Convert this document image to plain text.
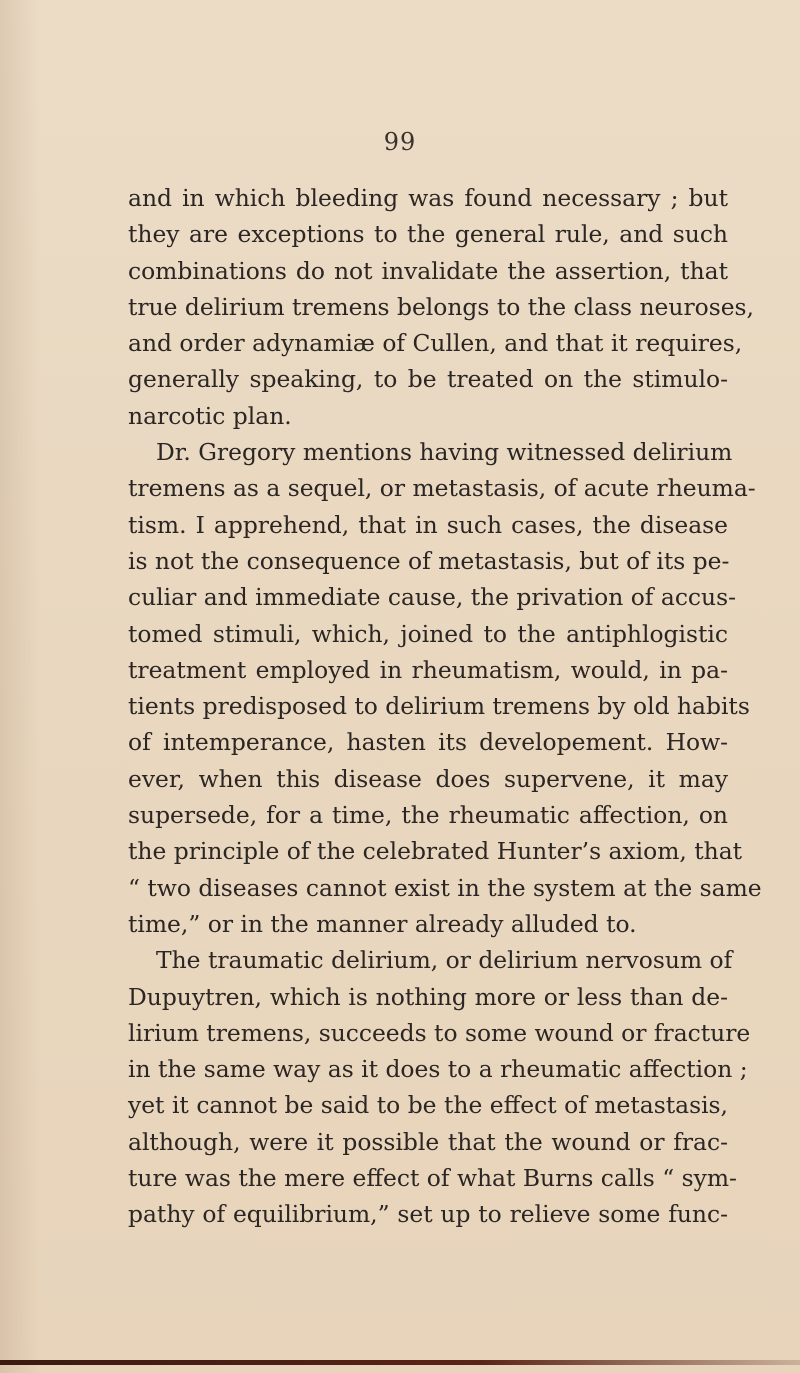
99
and in which bleeding was found necessary ; but
they are exceptions to the general rule, and such
combinations do not invalidate the assertion, that
true delirium tremens belongs to the class neuroses,
and order adynamiæ of Cullen, and that it requires,
generally speaking, to be treated on the stimulo-
narcotic plan.
Dr. Gregory mentions having witnessed delirium
tremens as a sequel, or metastasis, of acute rheuma-
tism. I apprehend, that in such cases, the disease
is not the consequence of metastasis, but of its pe-
culiar and immediate cause, the privation of accus-
tomed stimuli, which, joined to the antiphlogistic
treatment employed in rheumatism, would, in pa-
tients predisposed to delirium tremens by old habits
of intemperance, hasten its developement. How-
ever, when this disease does supervene, it may
supersede, for a time, the rheumatic affection, on
the principle of the celebrated Hunter’s axiom, that
“ two diseases cannot exist in the system at the same
time,” or in the manner already alluded to.
The traumatic delirium, or delirium nervosum of
Dupuytren, which is nothing more or less than de-
lirium tremens, succeeds to some wound or fracture
in the same way as it does to a rheumatic affection ;
yet it cannot be said to be the effect of metastasis,
although, were it possible that the wound or frac-
ture was the mere effect of what Burns calls “ sym-
pathy of equilibrium,” set up to relieve some func-
